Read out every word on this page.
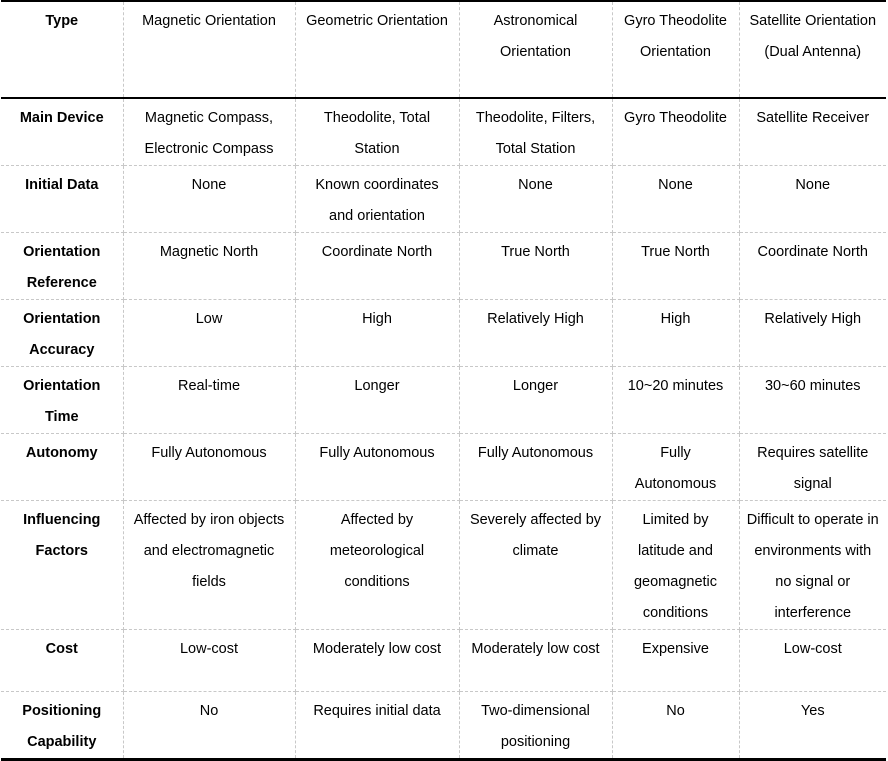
Type	Magnetic Orientation	Geometric Orientation	Astronomical Orientation	Gyro Theodolite Orientation	Satellite Orientation (Dual Antenna)
Main Device	Magnetic Compass, Electronic Compass	Theodolite, Total Station	Theodolite, Filters, Total Station	Gyro Theodolite	Satellite Receiver
Initial Data	None	Known coordinates and orientation	None	None	None
Orientation Reference	Magnetic North	Coordinate North	True North	True North	Coordinate North
Orientation Accuracy	Low	High	Relatively High	High	Relatively High
Orientation Time	Real-time	Longer	Longer	10~20 minutes	30~60 minutes
Autonomy	Fully Autonomous	Fully Autonomous	Fully Autonomous	Fully Autonomous	Requires satellite signal
Influencing Factors	Affected by iron objects and electromagnetic fields	Affected by meteorological conditions	Severely affected by climate	Limited by latitude and geomagnetic conditions	Difficult to operate in environments with no signal or interference
Cost	Low-cost	Moderately low cost	Moderately low cost	Expensive	Low-cost
Positioning Capability	No	Requires initial data	Two-dimensional positioning	No	Yes
